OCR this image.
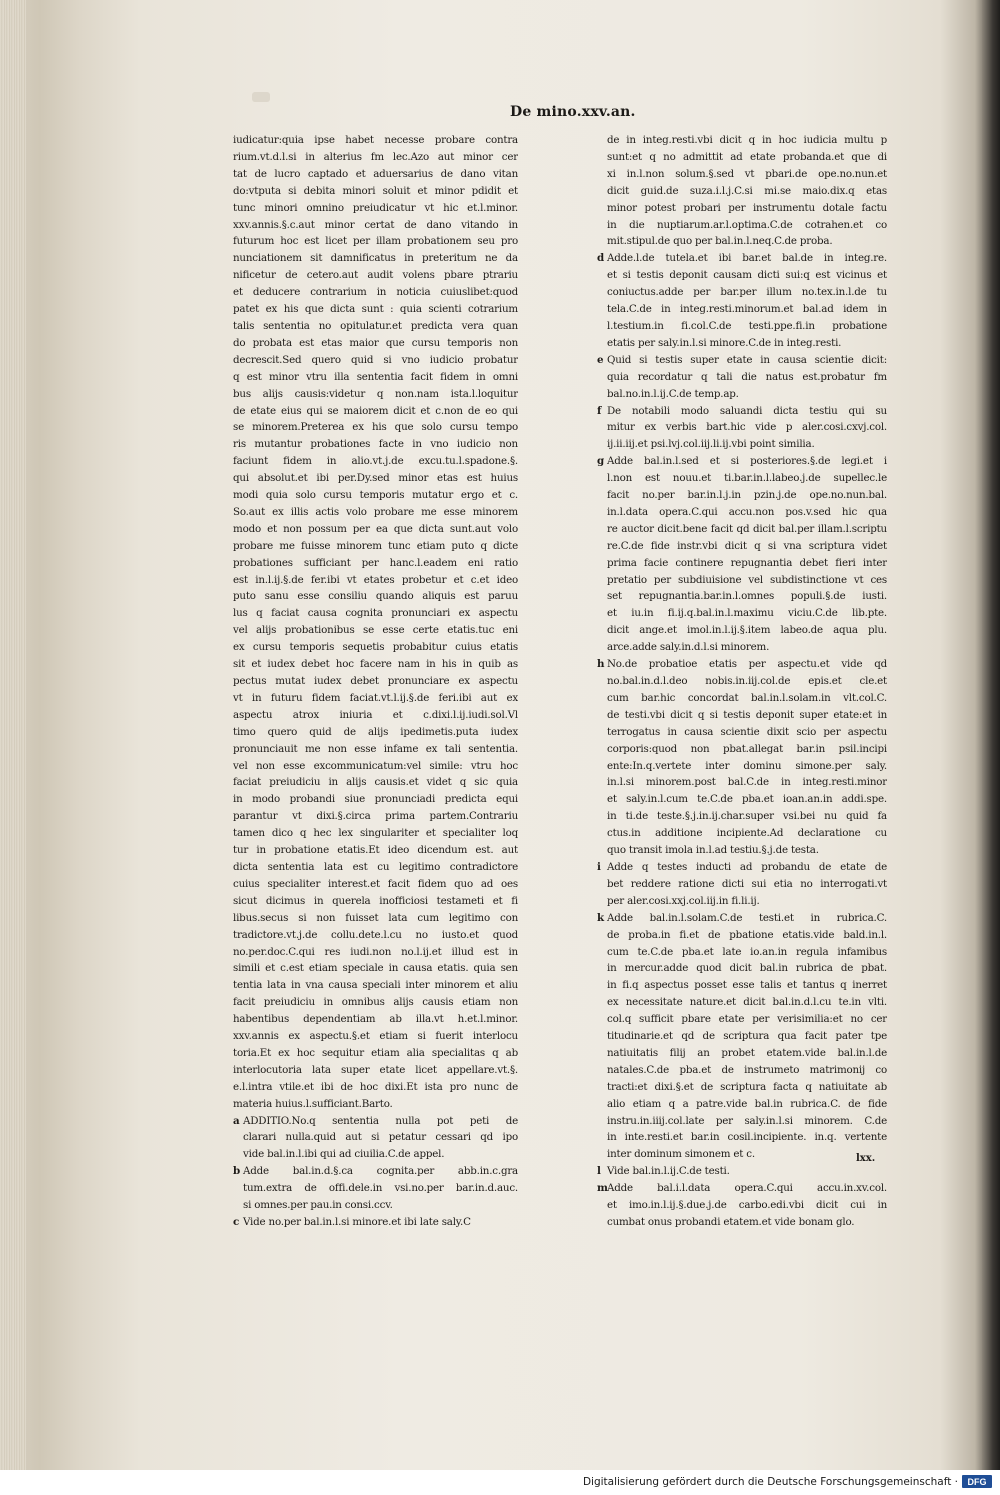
De mino.xxv.an.
iudicatur:quia ipse habet necesse probare contra
rium.vt.d.l.si in alterius fm lec.Azo aut minor cer
tat de lucro captado et aduersarius de dano vitan
do:vtputa si debita minori soluit et minor pdidit et
tunc minori omnino preiudicatur vt hic et.l.minor.
xxv.annis.§.c.aut minor certat de dano vitando in
futurum hoc est licet per illam probationem seu pro
nunciationem sit damnificatus in preteritum ne da
nificetur de cetero.aut audit volens pbare ptrariu
et deducere contrarium in noticia cuiuslibet:quod
patet ex his que dicta sunt : quia scienti cotrarium
talis sententia no opitulatur.et predicta vera quan
do probata est etas maior que cursu temporis non
decrescit.Sed quero quid si vno iudicio probatur
q est minor vtru illa sententia facit fidem in omni
bus alijs causis:videtur q non.nam ista.l.loquitur
de etate eius qui se maiorem dicit et c.non de eo qui
se minorem.Preterea ex his que solo cursu tempo
ris mutantur probationes facte in vno iudicio non
faciunt fidem in alio.vt.j.de excu.tu.l.spadone.§.
qui absolut.et ibi per.Dy.sed minor etas est huius
modi quia solo cursu temporis mutatur ergo et c.
So.aut ex illis actis volo probare me esse minorem
modo et non possum per ea que dicta sunt.aut volo
probare me fuisse minorem tunc etiam puto q dicte
probationes sufficiant per hanc.l.eadem eni ratio
est in.l.ij.§.de fer.ibi vt etates probetur et c.et ideo
puto sanu esse consiliu quando aliquis est paruu
lus q faciat causa cognita pronunciari ex aspectu
vel alijs probationibus se esse certe etatis.tuc eni
ex cursu temporis sequetis probabitur cuius etatis
sit et iudex debet hoc facere nam in his in quib as
pectus mutat iudex debet pronunciare ex aspectu
vt in futuru fidem faciat.vt.l.ij.§.de feri.ibi aut ex
aspectu atrox iniuria et c.dixi.l.ij.iudi.sol.Vl
timo quero quid de alijs ipedimetis.puta iudex
pronunciauit me non esse infame ex tali sententia.
vel non esse excommunicatum:vel simile: vtru hoc
faciat preiudiciu in alijs causis.et videt q sic quia
in modo probandi siue pronunciadi predicta equi
parantur vt dixi.§.circa prima partem.Contrariu
tamen dico q hec lex singulariter et specialiter loq
tur in probatione etatis.Et ideo dicendum est. aut
dicta sententia lata est cu legitimo contradictore
cuius specialiter interest.et facit fidem quo ad oes
sicut dicimus in querela inofficiosi testameti et fi
libus.secus si non fuisset lata cum legitimo con
tradictore.vt.j.de collu.dete.l.cu no iusto.et quod
no.per.doc.C.qui res iudi.non no.l.ij.et illud est in
simili et c.est etiam speciale in causa etatis. quia sen
tentia lata in vna causa speciali inter minorem et aliu
facit preiudiciu in omnibus alijs causis etiam non
habentibus dependentiam ab illa.vt h.et.l.minor.
xxv.annis ex aspectu.§.et etiam si fuerit interlocu
toria.Et ex hoc sequitur etiam alia specialitas q ab
interlocutoria lata super etate licet appellare.vt.§.
e.l.intra vtile.et ibi de hoc dixi.Et ista pro nunc de
materia huius.l.sufficiant.Barto.
a ADDITIO.No.q sententia nulla pot peti de
clarari nulla.quid aut si petatur cessari qd ipo
vide bal.in.l.ibi qui ad ciuilia.C.de appel.
b Adde bal.in.d.§.ca cognita.per abb.in.c.gra
tum.extra de offi.dele.in vsi.no.per bar.in.d.auc.
si omnes.per pau.in consi.ccv.
c Vide no.per bal.in.l.si minore.et ibi late saly.C
de in integ.resti.vbi dicit q in hoc iudicia multu p
sunt:et q no admittit ad etate probanda.et que di
xi in.l.non solum.§.sed vt pbari.de ope.no.nun.et
dicit guid.de suza.i.l.j.C.si mi.se maio.dix.q etas
minor potest probari per instrumentu dotale factu
in die nuptiarum.ar.l.optima.C.de cotrahen.et co
mit.stipul.de quo per bal.in.l.neq.C.de proba.
d Adde.l.de tutela.et ibi bar.et bal.de in integ.re.
et si testis deponit causam dicti sui:q est vicinus et
coniuctus.adde per bar.per illum no.tex.in.l.de tu
tela.C.de in integ.resti.minorum.et bal.ad idem in
l.testium.in fi.col.C.de testi.ppe.fi.in probatione
etatis per saly.in.l.si minore.C.de in integ.resti.
e Quid si testis super etate in causa scientie dicit:
quia recordatur q tali die natus est.probatur fm
bal.no.in.l.ij.C.de temp.ap.
f De notabili modo saluandi dicta testiu qui su
mitur ex verbis bart.hic vide p aler.cosi.cxvj.col.
ij.ii.iij.et psi.lvj.col.iij.li.ij.vbi point similia.
g Adde bal.in.l.sed et si posteriores.§.de legi.et i
l.non est nouu.et ti.bar.in.l.labeo.j.de supellec.le
facit no.per bar.in.l.j.in pzin.j.de ope.no.nun.bal.
in.l.data opera.C.qui accu.non pos.v.sed hic qua
re auctor dicit.bene facit qd dicit bal.per illam.l.scriptu
re.C.de fide instr.vbi dicit q si vna scriptura videt
prima facie continere repugnantia debet fieri inter
pretatio per subdiuisione vel subdistinctione vt ces
set repugnantia.bar.in.l.omnes populi.§.de iusti.
et iu.in fi.ij.q.bal.in.l.maximu viciu.C.de lib.pte.
dicit ange.et imol.in.l.ij.§.item labeo.de aqua plu.
arce.adde saly.in.d.l.si minorem.
h No.de probatioe etatis per aspectu.et vide qd
no.bal.in.d.l.deo nobis.in.iij.col.de epis.et cle.et
cum bar.hic concordat bal.in.l.solam.in vlt.col.C.
de testi.vbi dicit q si testis deponit super etate:et in
terrogatus in causa scientie dixit scio per aspectu
corporis:quod non pbat.allegat bar.in psil.incipi
ente:In.q.vertete inter dominu simone.per saly.
in.l.si minorem.post bal.C.de in integ.resti.minor
et saly.in.l.cum te.C.de pba.et ioan.an.in addi.spe.
in ti.de teste.§.j.in.ij.char.super vsi.bei nu quid fa
ctus.in additione incipiente.Ad declaratione cu
quo transit imola in.l.ad testiu.§.j.de testa.
i Adde q testes inducti ad probandu de etate de
bet reddere ratione dicti sui etia no interrogati.vt
per aler.cosi.xxj.col.iij.in fi.li.ij.
k Adde bal.in.l.solam.C.de testi.et in rubrica.C.
de proba.in fi.et de pbatione etatis.vide bald.in.l.
cum te.C.de pba.et late io.an.in regula infamibus
in mercur.adde quod dicit bal.in rubrica de pbat.
in fi.q aspectus posset esse talis et tantus q inerret
ex necessitate nature.et dicit bal.in.d.l.cu te.in vlti.
col.q sufficit pbare etate per verisimilia:et no cer
titudinarie.et qd de scriptura qua facit pater tpe
natiuitatis filij an probet etatem.vide bal.in.l.de
natales.C.de pba.et de instrumeto matrimonij co
tracti:et dixi.§.et de scriptura facta q natiuitate ab
alio etiam q a patre.vide bal.in rubrica.C. de fide
instru.in.iiij.col.late per saly.in.l.si minorem. C.de
in inte.resti.et bar.in cosil.incipiente. in.q. vertente
inter dominum simonem et c.
l Vide bal.in.l.ij.C.de testi.
mAdde bal.i.l.data opera.C.qui accu.in.xv.col.
et imo.in.l.ij.§.due.j.de carbo.edi.vbi dicit cui in
cumbat onus probandi etatem.et vide bonam glo.
lxx.
Digitalisierung gefördert durch die Deutsche Forschungsgemeinschaft · DFG
